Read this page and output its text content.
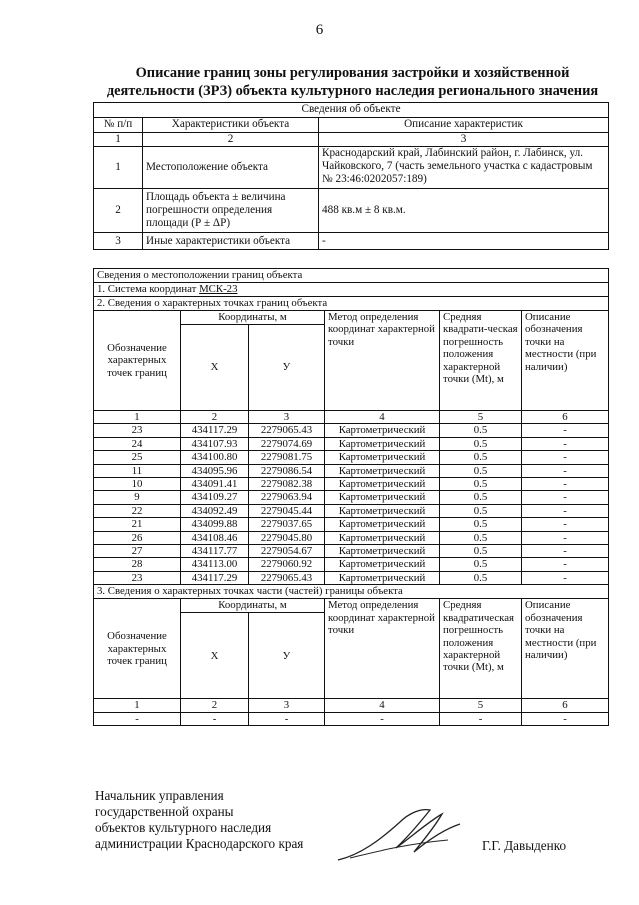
6
Описание границ зоны регулирования застройки и хозяйственной
деятельности (ЗРЗ) объекта культурного наследия регионального значения
Сведения об объекте		
№ п/п	Характеристики объекта	Описание характеристик
1	2	3
1	Местоположение объекта	Краснодарский край, Лабинский район, г. Лабинск, ул. Чайковского, 7 (часть земельного участка с кадастровым № 23:46:0202057:189)
2	Площадь объекта ± величина погрешности определения площади (Р ± ΔР)	488 кв.м ± 8 кв.м.
3	Иные характеристики объекта	-
Сведения о местоположении границ объекта					
1. Система координат МСК-23					
2. Сведения о характерных точках границ объекта					
Обозначение характерных точек границ	Координаты, м		Метод определения координат характерной точки	Средняя квадрати-ческая погрешность положения характерной точки (Мt), м	Описание обозначения точки на местности (при наличии)
	X	У			
1	2	3	4	5	6
23	434117.29	2279065.43	Картометрический	0.5	-
24	434107.93	2279074.69	Картометрический	0.5	-
25	434100.80	2279081.75	Картометрический	0.5	-
11	434095.96	2279086.54	Картометрический	0.5	-
10	434091.41	2279082.38	Картометрический	0.5	-
9	434109.27	2279063.94	Картометрический	0.5	-
22	434092.49	2279045.44	Картометрический	0.5	-
21	434099.88	2279037.65	Картометрический	0.5	-
26	434108.46	2279045.80	Картометрический	0.5	-
27	434117.77	2279054.67	Картометрический	0.5	-
28	434113.00	2279060.92	Картометрический	0.5	-
23	434117.29	2279065.43	Картометрический	0.5	-
3. Сведения о характерных точках части (частей) границы объекта					
Обозначение характерных точек границ	Координаты, м		Метод определения координат характерной точки	Средняя квадратическая погрешность положения характерной точки (Мt), м	Описание обозначения точки на местности (при наличии)
	X	У			
1	2	3	4	5	6
-	-	-	-	-	-
Начальник управления
государственной охраны
объектов культурного наследия
администрации Краснодарского края	Г.Г. Давыденко
